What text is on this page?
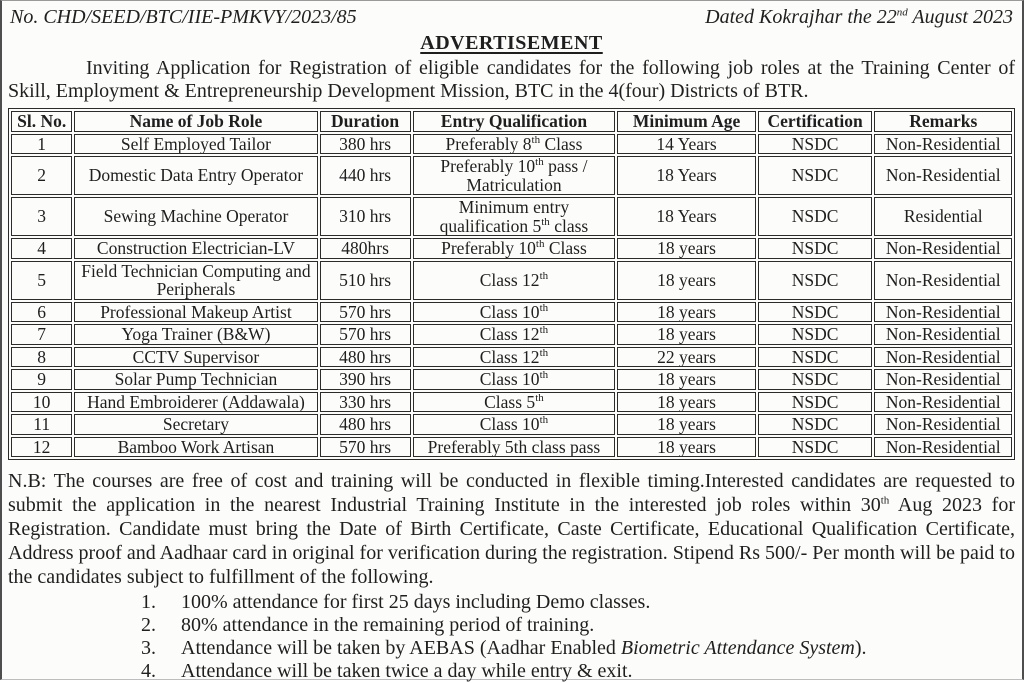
No. CHD/SEED/BTC/IIE-PMKVY/2023/85	Dated Kokrajhar the 22nd August 2023
ADVERTISEMENT

Inviting Application for Registration of eligible candidates for the following job roles at the Training Center of Skill, Employment & Entrepreneurship Development Mission, BTC in the 4(four) Districts of BTR.

Sl. No.	Name of Job Role	Duration	Entry Qualification	Minimum Age	Certification	Remarks
1	Self Employed Tailor	380 hrs	Preferably 8th Class	14 Years	NSDC	Non-Residential
2	Domestic Data Entry Operator	440 hrs	Preferably 10th pass / Matriculation	18 Years	NSDC	Non-Residential
3	Sewing Machine Operator	310 hrs	Minimum entry qualification 5th class	18 Years	NSDC	Residential
4	Construction Electrician-LV	480hrs	Preferably 10th Class	18 years	NSDC	Non-Residential
5	Field Technician Computing and Peripherals	510 hrs	Class 12th	18 years	NSDC	Non-Residential
6	Professional Makeup Artist	570 hrs	Class 10th	18 years	NSDC	Non-Residential
7	Yoga Trainer (B&W)	570 hrs	Class 12th	18 years	NSDC	Non-Residential
8	CCTV Supervisor	480 hrs	Class 12th	22 years	NSDC	Non-Residential
9	Solar Pump Technician	390 hrs	Class 10th	18 years	NSDC	Non-Residential
10	Hand Embroiderer (Addawala)	330 hrs	Class 5th	18 years	NSDC	Non-Residential
11	Secretary	480 hrs	Class 10th	18 years	NSDC	Non-Residential
12	Bamboo Work Artisan	570 hrs	Preferably 5th class pass	18 years	NSDC	Non-Residential

N.B: The courses are free of cost and training will be conducted in flexible timing.Interested candidates are requested to submit the application in the nearest Industrial Training Institute in the interested job roles within 30th Aug 2023 for Registration. Candidate must bring the Date of Birth Certificate, Caste Certificate, Educational Qualification Certificate, Address proof and Aadhaar card in original for verification during the registration. Stipend Rs 500/- Per month will be paid to the candidates subject to fulfillment of the following.

1.	100% attendance for first 25 days including Demo classes.
2.	80% attendance in the remaining period of training.
3.	Attendance will be taken by AEBAS (Aadhar Enabled Biometric Attendance System).
4.	Attendance will be taken twice a day while entry & exit.
